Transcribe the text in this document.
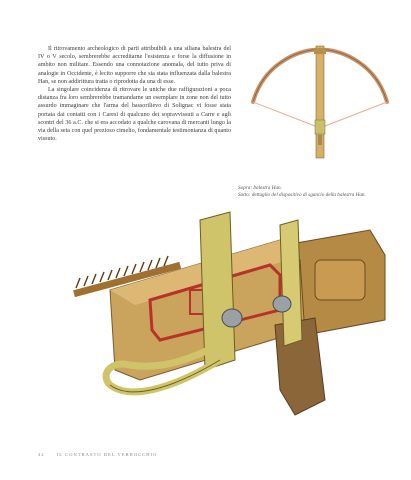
Il ritrovamento archeologico di parti attribuibili a una siliana balestra del IV o V secolo, sembrerebbe accreditarne l'esistenza e forse la diffusione in ambito non militare. Essendo una connotazione anomala, del tutto priva di analogie in Occidente, è lecito supporre che sia stata influenzata dalla balestra Han, se non addirittura tratta o riprodotta da una di esse.

La singolare coincidenza di ritrovare le uniche due raffigurazioni a poca distanza fra loro sembrerebbe tramandarne un esemplare in zone non del tutto assurdo immaginare che l'arma del bassorilievo di Solignac vi fosse stata portata dai contatti con i Caresi di qualcuno dei sopravvissuti a Carre e agli scontri del 36 a.C. che si era accodato a qualche carovana di mercanti lungo la via della seta con quel prezioso cimelio, fondamentale testimonianza di quanto vissuto.

Sopra: balestra Han.
Sotto: dettaglio del dispositivo di sgancio della balestra Han.
42	IL CONTRASTO DEL VERROCCHIO
